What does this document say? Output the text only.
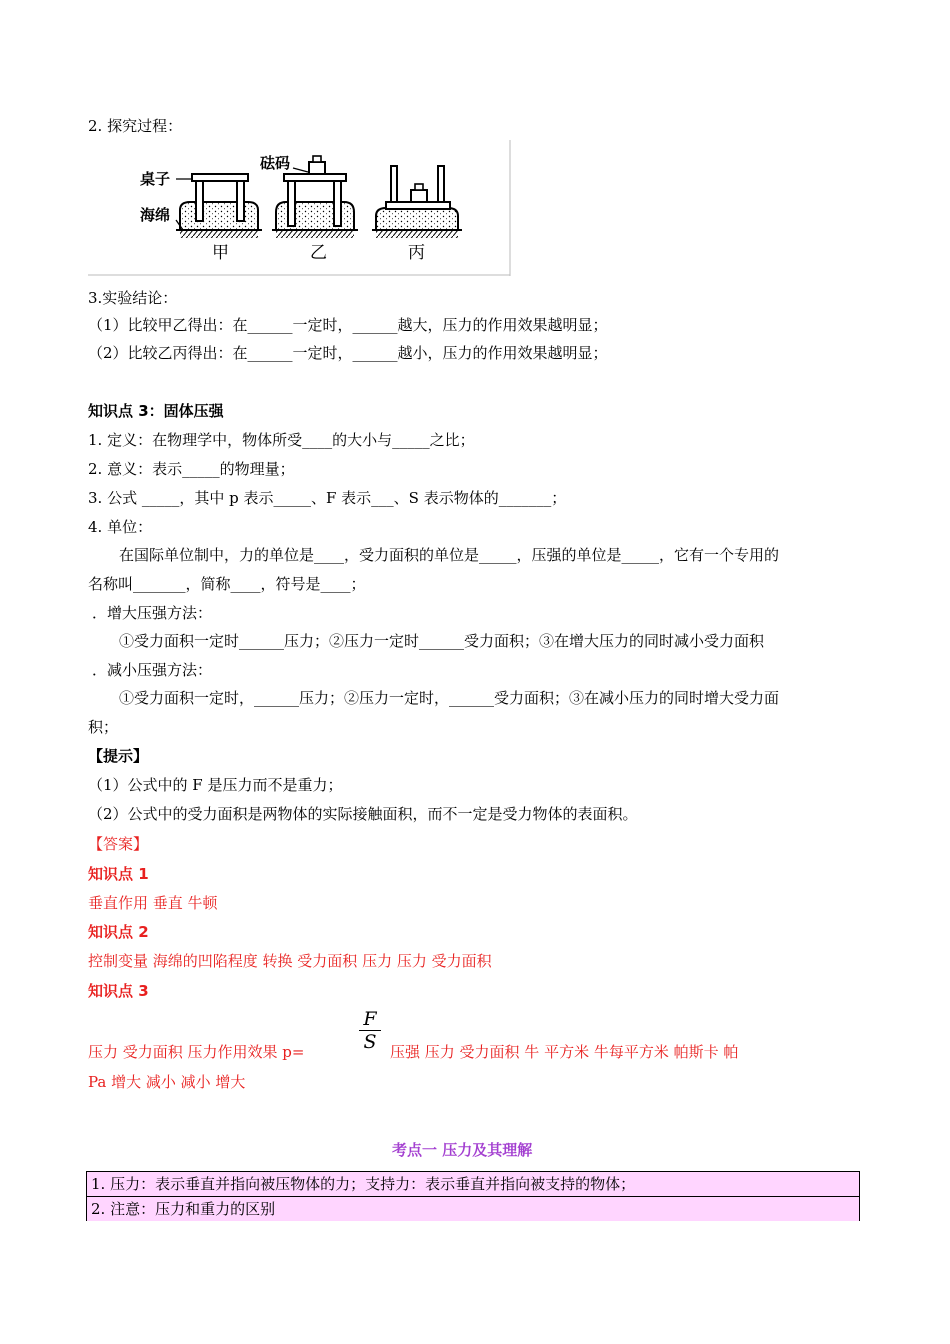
2. 探究过程：
桌子
海绵
砝码
甲	乙	丙
3.实验结论：
（1）比较甲乙得出：在______一定时，______越大，压力的作用效果越明显；
（2）比较乙丙得出：在______一定时，______越小，压力的作用效果越明显；
知识点 3：固体压强
1. 定义：在物理学中，物体所受____的大小与_____之比；
2. 意义：表示_____的物理量；
3. 公式 _____，其中 p 表示_____、F 表示___、S 表示物体的_______；
4. 单位：
在国际单位制中，力的单位是____，受力面积的单位是_____，压强的单位是_____，它有一个专用的
名称叫_______，简称____，符号是____；
．增大压强方法：
①受力面积一定时______压力；②压力一定时______受力面积；③在增大压力的同时减小受力面积
．减小压强方法：
①受力面积一定时，______压力；②压力一定时，______受力面积；③在减小压力的同时增大受力面
积；
【提示】
（1）公式中的 F 是压力而不是重力；
（2）公式中的受力面积是两物体的实际接触面积，而不一定是受力物体的表面积。
【答案】
知识点 1
垂直作用 垂直 牛顿
知识点 2
控制变量 海绵的凹陷程度 转换 受力面积 压力 压力 受力面积
知识点 3
压力 受力面积 压力作用效果 p=
F
S 压强 压力 受力面积 牛 平方米 牛每平方米 帕斯卡 帕
Pa 增大 减小 减小 增大
考点一 压力及其理解
1. 压力：表示垂直并指向被压物体的力；支持力：表示垂直并指向被支持的物体；
2. 注意：压力和重力的区别
